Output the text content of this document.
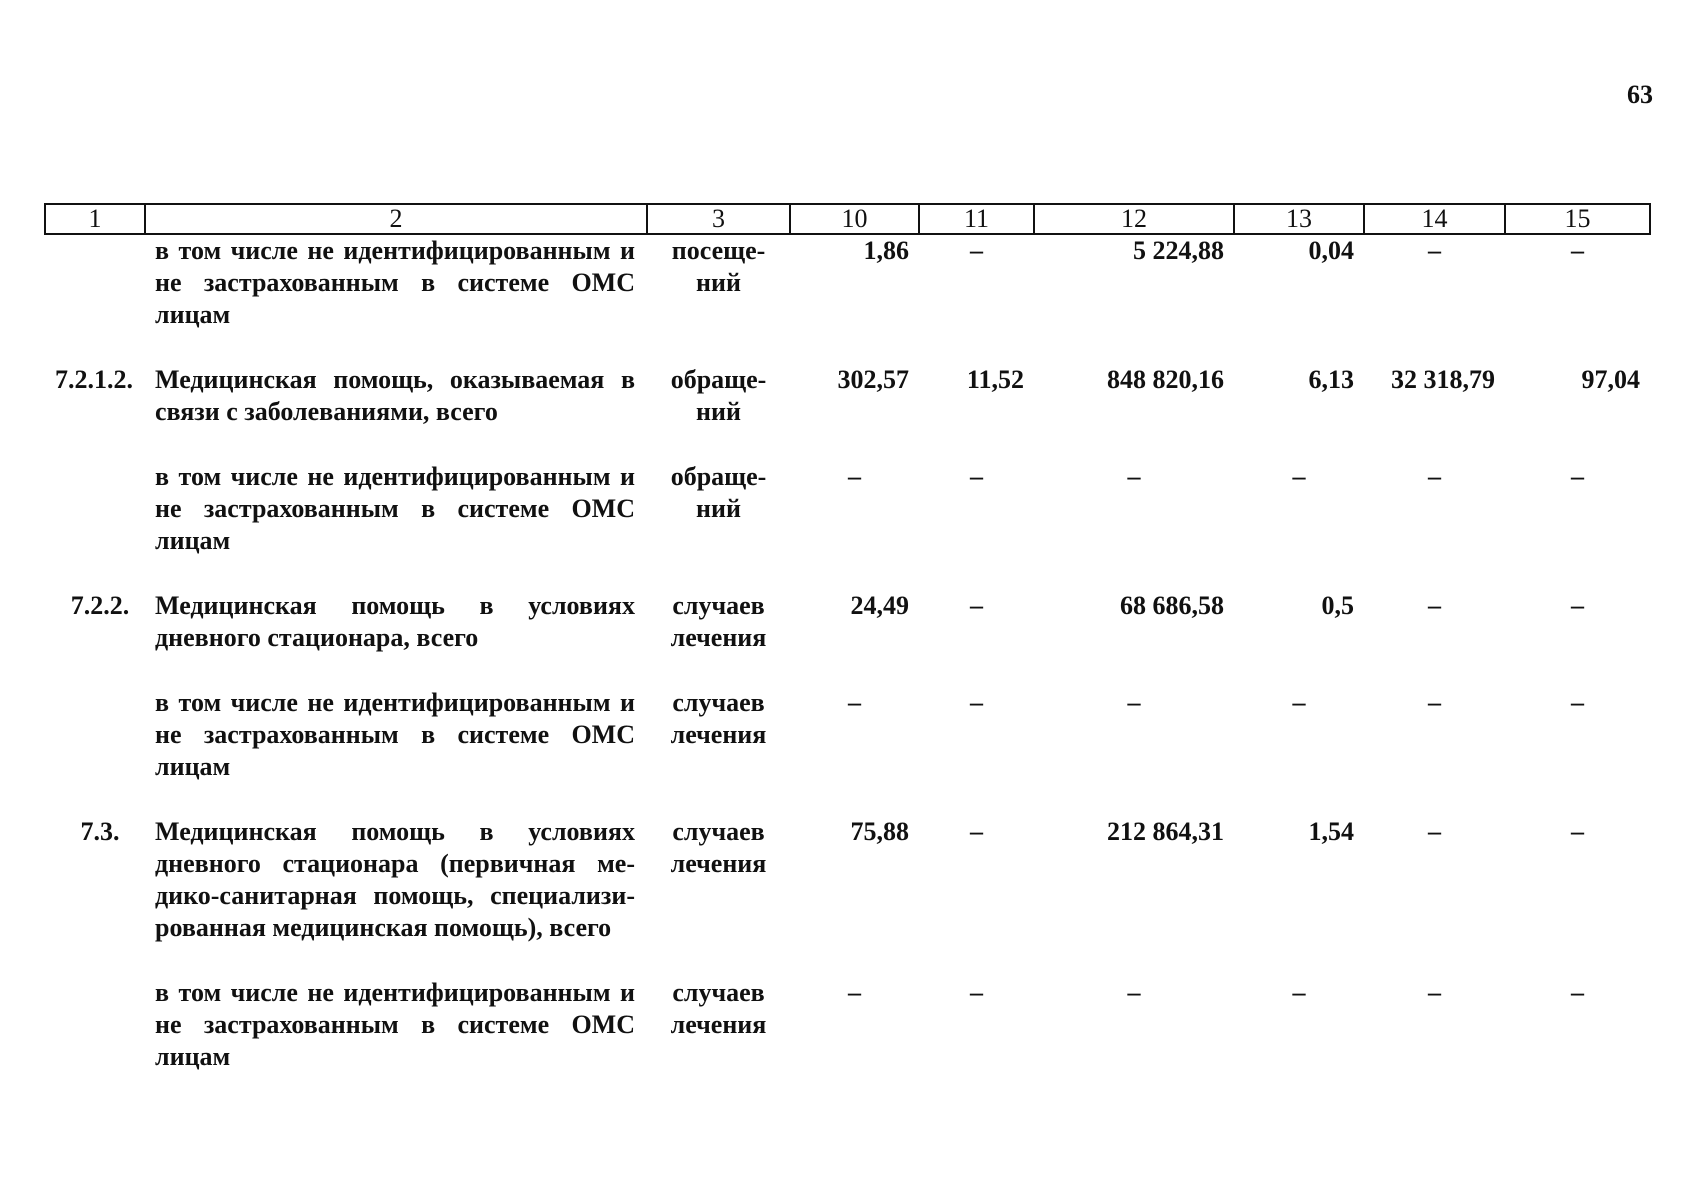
63
1	2	3	10	11	12	13	14	15
	в том числе не идентифицированным и не застрахованным в системе ОМС лицам	посеще-ний	1,86	–	5 224,88	0,04	–	–
7.2.1.2.	Медицинская помощь, оказываемая в связи с заболеваниями, всего	обраще-ний	302,57	11,52	848 820,16	6,13	32 318,79	97,04
	в том числе не идентифицированным и не застрахованным в системе ОМС лицам	обраще-ний	–	–	–	–	–	–
7.2.2.	Медицинская помощь в условиях дневного стационара, всего	случаев лечения	24,49	–	68 686,58	0,5	–	–
	в том числе не идентифицированным и не застрахованным в системе ОМС лицам	случаев лечения	–	–	–	–	–	–
7.3.	Медицинская помощь в условиях дневного стационара (первичная ме-дико-санитарная помощь, специализи-рованная медицинская помощь), всего	случаев лечения	75,88	–	212 864,31	1,54	–	–
	в том числе не идентифицированным и не застрахованным в системе ОМС лицам	случаев лечения	–	–	–	–	–	–
